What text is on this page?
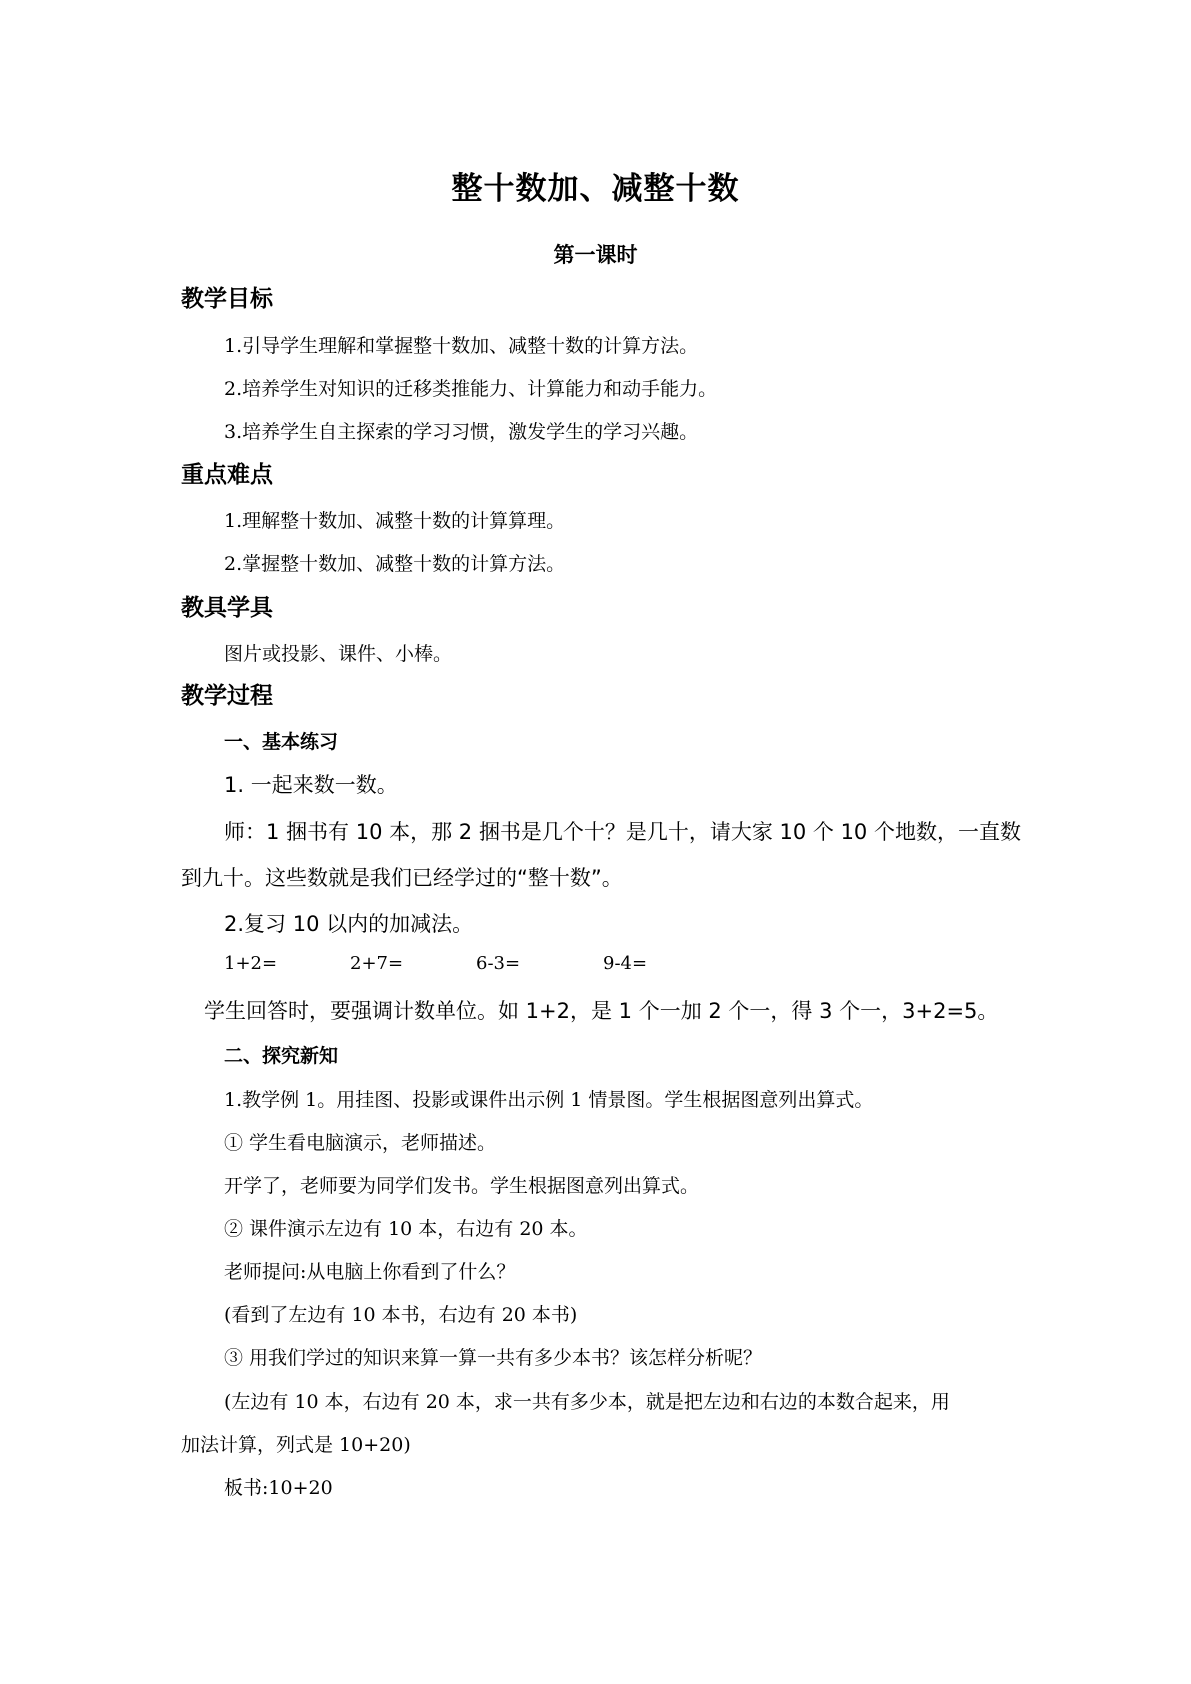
整十数加、减整十数
第一课时
教学目标
1.引导学生理解和掌握整十数加、减整十数的计算方法。
2.培养学生对知识的迁移类推能力、计算能力和动手能力。
3.培养学生自主探索的学习习惯，激发学生的学习兴趣。
重点难点
1.理解整十数加、减整十数的计算算理。
2.掌握整十数加、减整十数的计算方法。
教具学具
图片或投影、课件、小棒。
教学过程
一、基本练习
1. 一起来数一数。
师：1 捆书有 10 本，那 2 捆书是几个十？是几十，请大家 10 个 10 个地数，一直数
到九十。这些数就是我们已经学过的“整十数”。
2.复习 10 以内的加减法。
1+2=	2+7=	6-3=	9-4=
学生回答时，要强调计数单位。如 1+2，是 1 个一加 2 个一，得 3 个一，3+2=5。
二、探究新知
1.教学例 1。用挂图、投影或课件出示例 1 情景图。学生根据图意列出算式。
① 学生看电脑演示，老师描述。
开学了，老师要为同学们发书。学生根据图意列出算式。
② 课件演示左边有 10 本，右边有 20 本。
老师提问:从电脑上你看到了什么？
(看到了左边有 10 本书，右边有 20 本书)
③ 用我们学过的知识来算一算一共有多少本书？该怎样分析呢？
(左边有 10 本，右边有 20 本，求一共有多少本，就是把左边和右边的本数合起来，用
加法计算，列式是 10+20)
板书:10+20
